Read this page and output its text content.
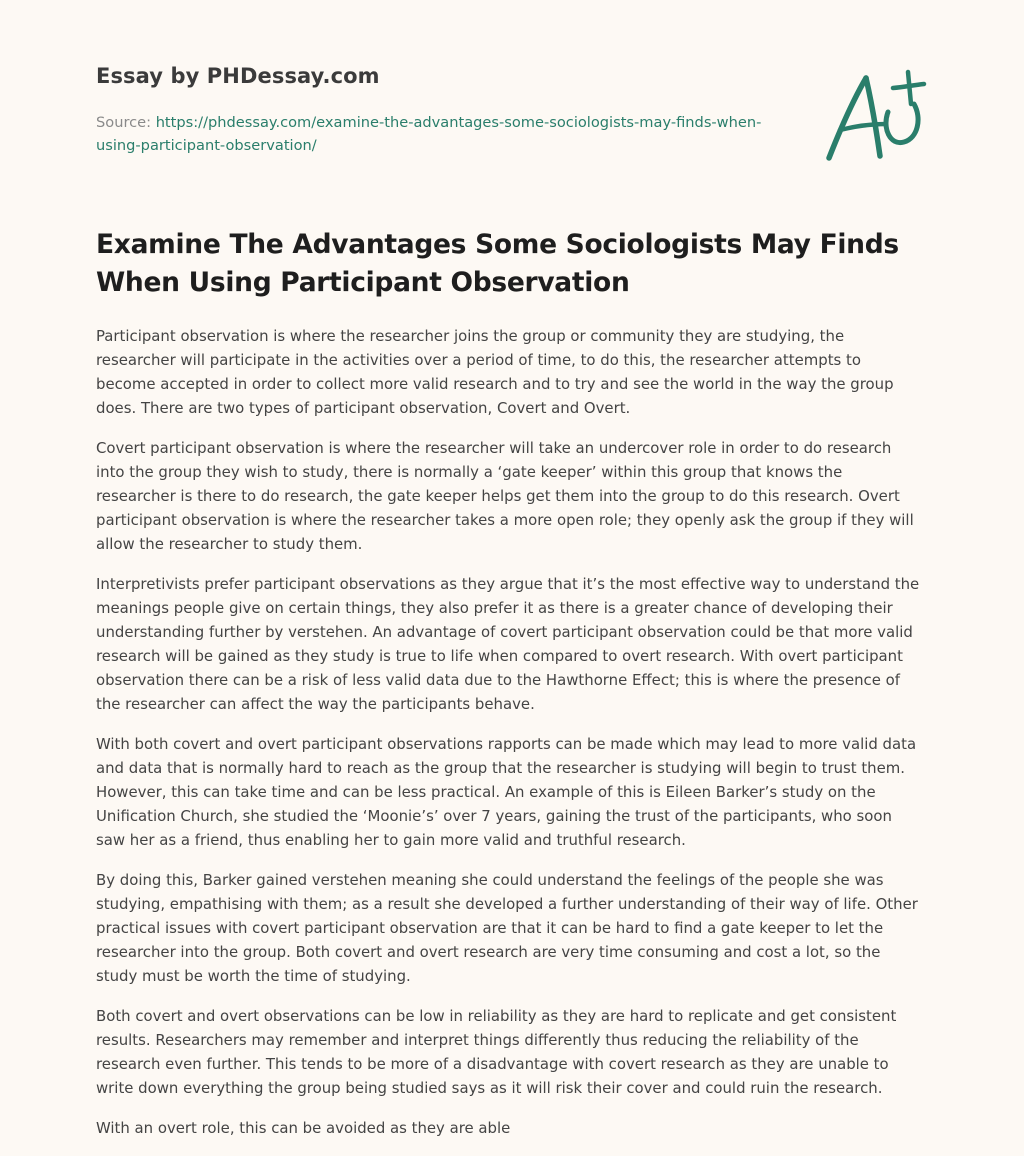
Essay by PHDessay.com

Source: https://phdessay.com/examine-the-advantages-some-sociologists-may-finds-when-using-participant-observation/

Examine The Advantages Some Sociologists May Finds When Using Participant Observation

Participant observation is where the researcher joins the group or community they are studying, the researcher will participate in the activities over a period of time, to do this, the researcher attempts to become accepted in order to collect more valid research and to try and see the world in the way the group does. There are two types of participant observation, Covert and Overt.

Covert participant observation is where the researcher will take an undercover role in order to do research into the group they wish to study, there is normally a ‘gate keeper’ within this group that knows the researcher is there to do research, the gate keeper helps get them into the group to do this research. Overt participant observation is where the researcher takes a more open role; they openly ask the group if they will allow the researcher to study them.

Interpretivists prefer participant observations as they argue that it’s the most effective way to understand the meanings people give on certain things, they also prefer it as there is a greater chance of developing their understanding further by verstehen. An advantage of covert participant observation could be that more valid research will be gained as they study is true to life when compared to overt research. With overt participant observation there can be a risk of less valid data due to the Hawthorne Effect; this is where the presence of the researcher can affect the way the participants behave.

With both covert and overt participant observations rapports can be made which may lead to more valid data and data that is normally hard to reach as the group that the researcher is studying will begin to trust them. However, this can take time and can be less practical. An example of this is Eileen Barker’s study on the Unification Church, she studied the ‘Moonie’s’ over 7 years, gaining the trust of the participants, who soon saw her as a friend, thus enabling her to gain more valid and truthful research.

By doing this, Barker gained verstehen meaning she could understand the feelings of the people she was studying, empathising with them; as a result she developed a further understanding of their way of life. Other practical issues with covert participant observation are that it can be hard to find a gate keeper to let the researcher into the group. Both covert and overt research are very time consuming and cost a lot, so the study must be worth the time of studying.

Both covert and overt observations can be low in reliability as they are hard to replicate and get consistent results. Researchers may remember and interpret things differently thus reducing the reliability of the research even further. This tends to be more of a disadvantage with covert research as they are unable to write down everything the group being studied says as it will risk their cover and could ruin the research.

With an overt role, this can be avoided as they are able
